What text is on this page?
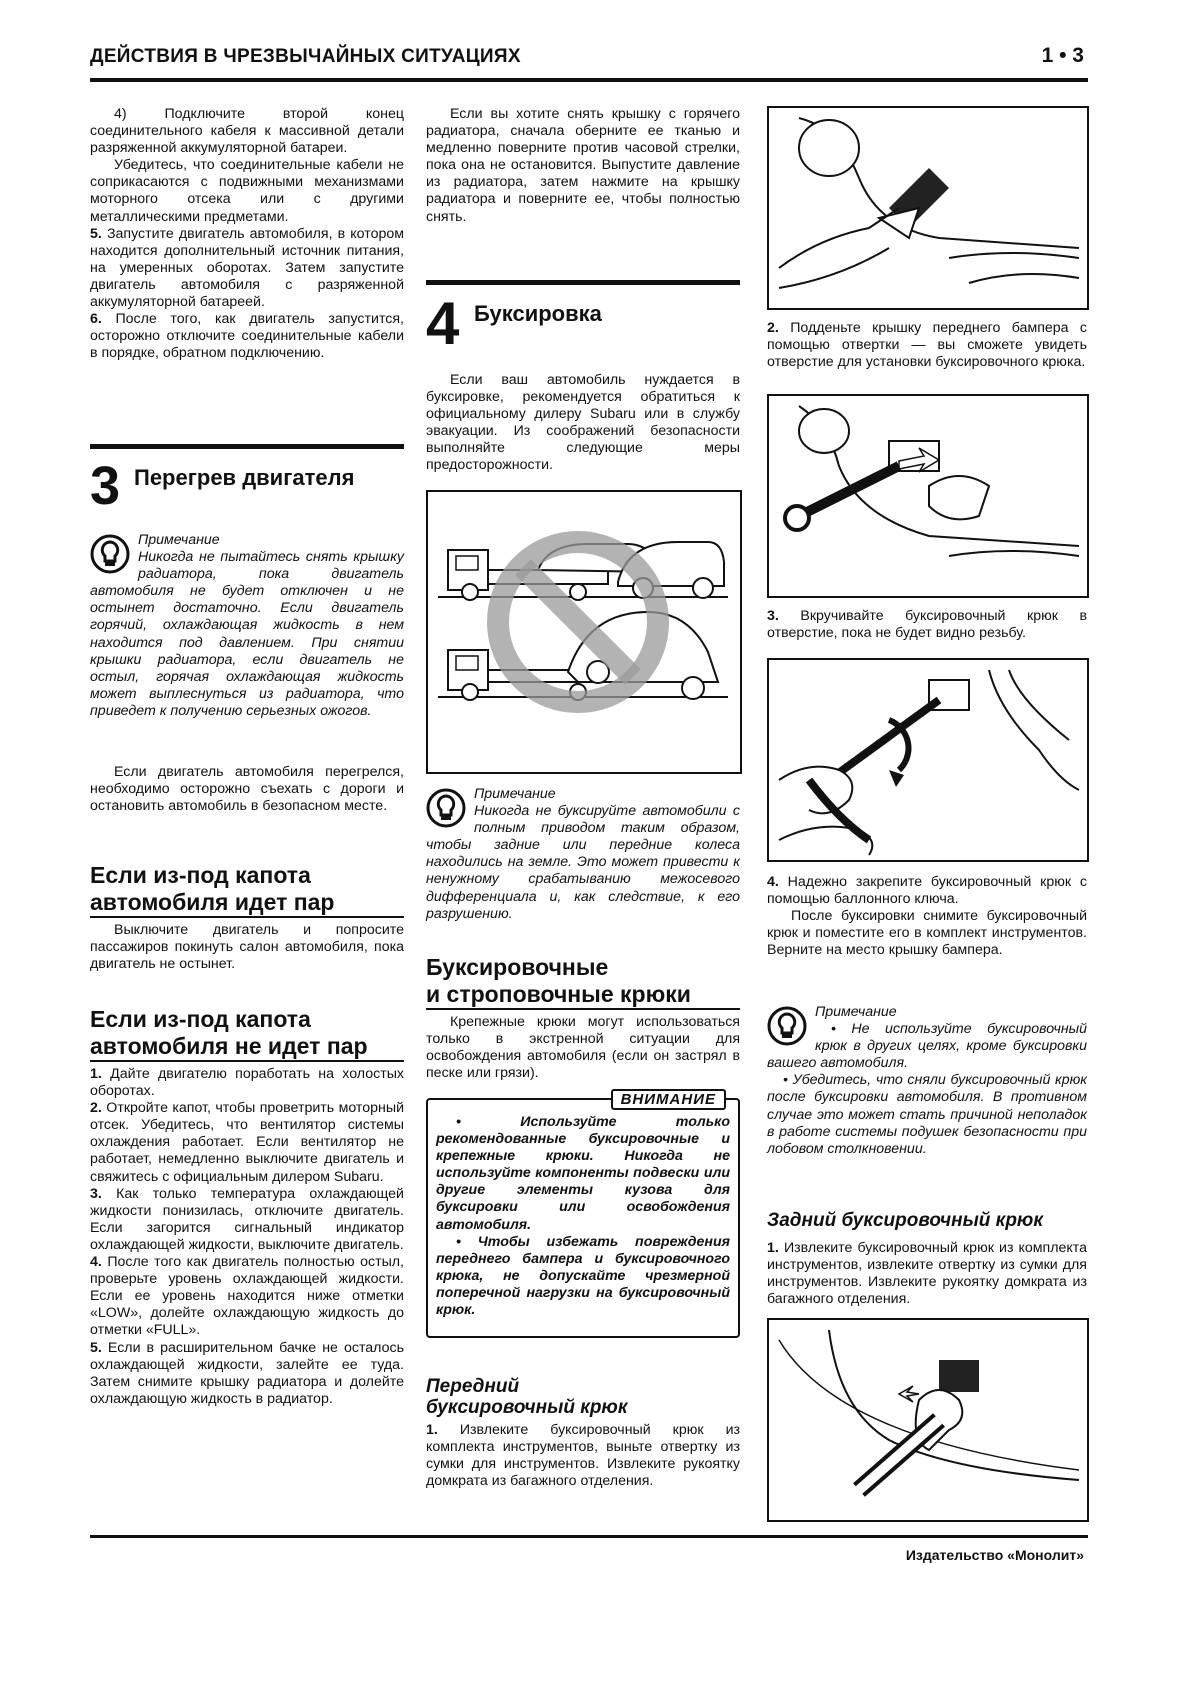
ДЕЙСТВИЯ В ЧРЕЗВЫЧАЙНЫХ СИТУАЦИЯХ	1 • 3

4) Подключите второй конец соединительного кабеля к массивной детали разряженной аккумуляторной батареи.

Убедитесь, что соединительные кабели не соприкасаются с подвижными механизмами моторного отсека или с другими металлическими предметами.

5. Запустите двигатель автомобиля, в котором находится дополнительный источник питания, на умеренных оборотах. Затем запустите двигатель автомобиля с разряженной аккумуляторной батареей.

6. После того, как двигатель запустится, осторожно отключите соединительные кабели в порядке, обратном подключению.

3 Перегрев двигателя
Примечание

Никогда не пытайтесь снять крышку радиатора, пока двигатель автомобиля не будет отключен и не остынет достаточно. Если двигатель горячий, охлаждающая жидкость в нем находится под давлением. При снятии крышки радиатора, если двигатель не остыл, горячая охлаждающая жидкость может выплеснуться из радиатора, что приведет к получению серьезных ожогов.

Если двигатель автомобиля перегрелся, необходимо осторожно съехать с дороги и остановить автомобиль в безопасном месте.

Если из-под капота
автомобиля идет пар

Выключите двигатель и попросите пассажиров покинуть салон автомобиля, пока двигатель не остынет.

Если из-под капота
автомобиля не идет пар

1. Дайте двигателю поработать на холостых оборотах.

2. Откройте капот, чтобы проветрить моторный отсек. Убедитесь, что вентилятор системы охлаждения работает. Если вентилятор не работает, немедленно выключите двигатель и свяжитесь с официальным дилером Subaru.

3. Как только температура охлаждающей жидкости понизилась, отключите двигатель. Если загорится сигнальный индикатор охлаждающей жидкости, выключите двигатель.

4. После того как двигатель полностью остыл, проверьте уровень охлаждающей жидкости. Если ее уровень находится ниже отметки «LOW», долейте охлаждающую жидкость до отметки «FULL».

5. Если в расширительном бачке не осталось охлаждающей жидкости, залейте ее туда. Затем снимите крышку радиатора и долейте охлаждающую жидкость в радиатор.

Если вы хотите снять крышку с горячего радиатора, сначала оберните ее тканью и медленно поверните против часовой стрелки, пока она не остановится. Выпустите давление из радиатора, затем нажмите на крышку радиатора и поверните ее, чтобы полностью снять.

4 Буксировка

Если ваш автомобиль нуждается в буксировке, рекомендуется обратиться к официальному дилеру Subaru или в службу эвакуации. Из соображений безопасности выполняйте следующие меры предосторожности.

Примечание

Никогда не буксируйте автомобили с полным приводом таким образом, чтобы задние или передние колеса находились на земле. Это может привести к ненужному срабатыванию межосевого дифференциала и, как следствие, к его разрушению.

Буксировочные
и строповочные крюки

Крепежные крюки могут использоваться только в экстренной ситуации для освобождения автомобиля (если он застрял в песке или грязи).

ВНИМАНИЕ

• Используйте только рекомендованные буксировочные и крепежные крюки. Никогда не используйте компоненты подвески или другие элементы кузова для буксировки или освобождения автомобиля.

• Чтобы избежать повреждения переднего бампера и буксировочного крюка, не допускайте чрезмерной поперечной нагрузки на буксировочный крюк.

Передний
буксировочный крюк

1. Извлеките буксировочный крюк из комплекта инструментов, выньте отвертку из сумки для инструментов. Извлеките рукоятку домкрата из багажного отделения.

2. Подденьте крышку переднего бампера с помощью отвертки — вы сможете увидеть отверстие для установки буксировочного крюка.

3. Вкручивайте буксировочный крюк в отверстие, пока не будет видно резьбу.

4. Надежно закрепите буксировочный крюк с помощью баллонного ключа.

После буксировки снимите буксировочный крюк и поместите его в комплект инструментов. Верните на место крышку бампера.

Примечание

• Не используйте буксировочный крюк в других целях, кроме буксировки вашего автомобиля.

• Убедитесь, что сняли буксировочный крюк после буксировки автомобиля. В противном случае это может стать причиной неполадок в работе системы подушек безопасности при лобовом столкновении.

Задний буксировочный крюк

1. Извлеките буксировочный крюк из комплекта инструментов, извлеките отвертку из сумки для инструментов. Извлеките рукоятку домкрата из багажного отделения.

Издательство «Монолит»
